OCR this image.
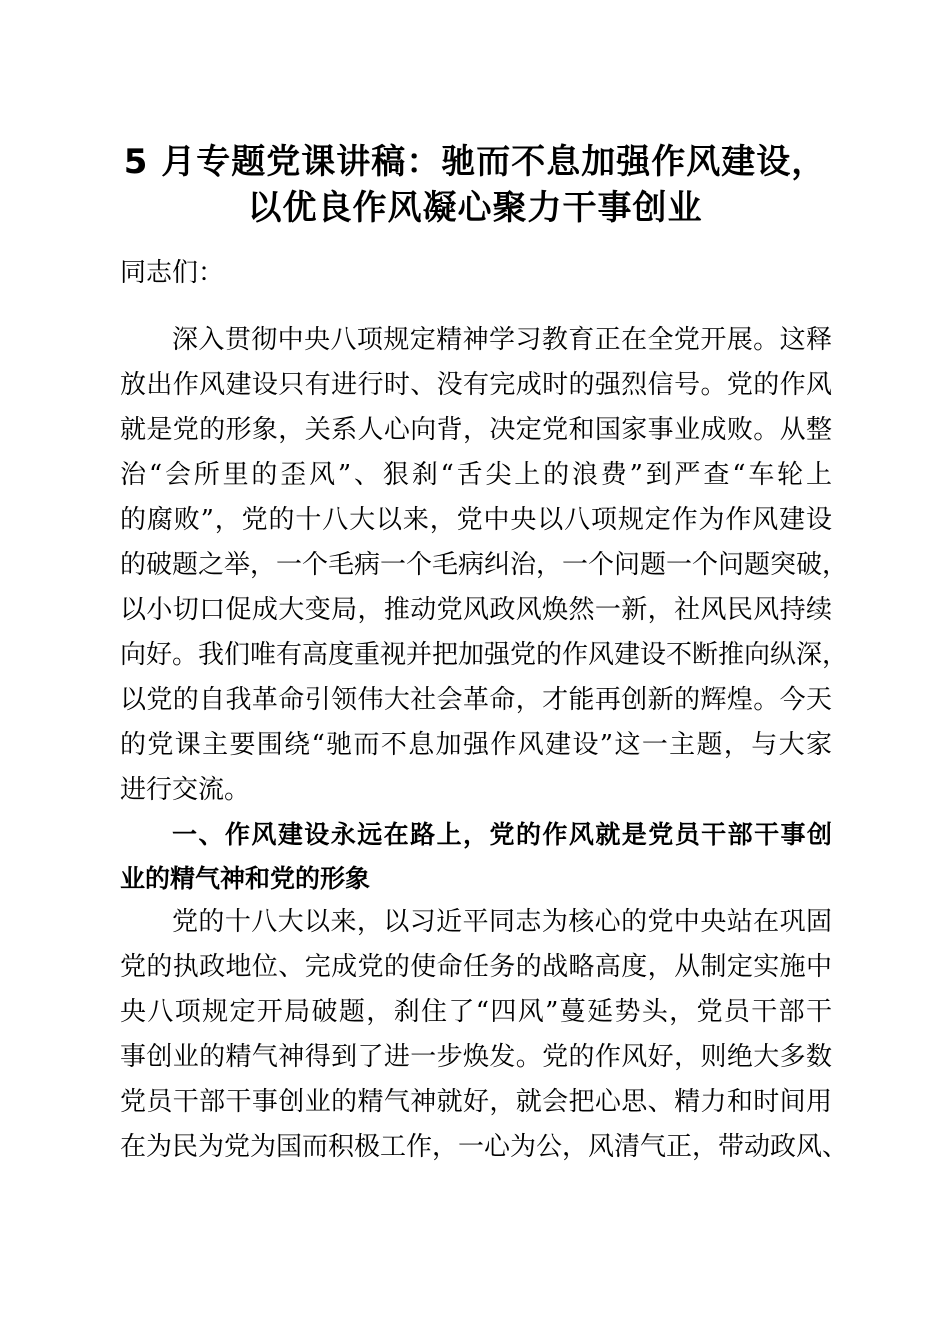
5 月专题党课讲稿：驰而不息加强作风建设，
以优良作风凝心聚力干事创业
同志们：
深入贯彻中央八项规定精神学习教育正在全党开展。这释
放出作风建设只有进行时、没有完成时的强烈信号。党的作风
就是党的形象，关系人心向背，决定党和国家事业成败。从整
治“会所里的歪风”、狠刹“舌尖上的浪费”到严查“车轮上
的腐败”，党的十八大以来，党中央以八项规定作为作风建设
的破题之举，一个毛病一个毛病纠治，一个问题一个问题突破，
以小切口促成大变局，推动党风政风焕然一新，社风民风持续
向好。我们唯有高度重视并把加强党的作风建设不断推向纵深，
以党的自我革命引领伟大社会革命，才能再创新的辉煌。今天
的党课主要围绕“驰而不息加强作风建设”这一主题，与大家
进行交流。
一、作风建设永远在路上，党的作风就是党员干部干事创
业的精气神和党的形象
党的十八大以来，以习近平同志为核心的党中央站在巩固
党的执政地位、完成党的使命任务的战略高度，从制定实施中
央八项规定开局破题，刹住了“四风”蔓延势头，党员干部干
事创业的精气神得到了进一步焕发。党的作风好，则绝大多数
党员干部干事创业的精气神就好，就会把心思、精力和时间用
在为民为党为国而积极工作，一心为公，风清气正，带动政风、
